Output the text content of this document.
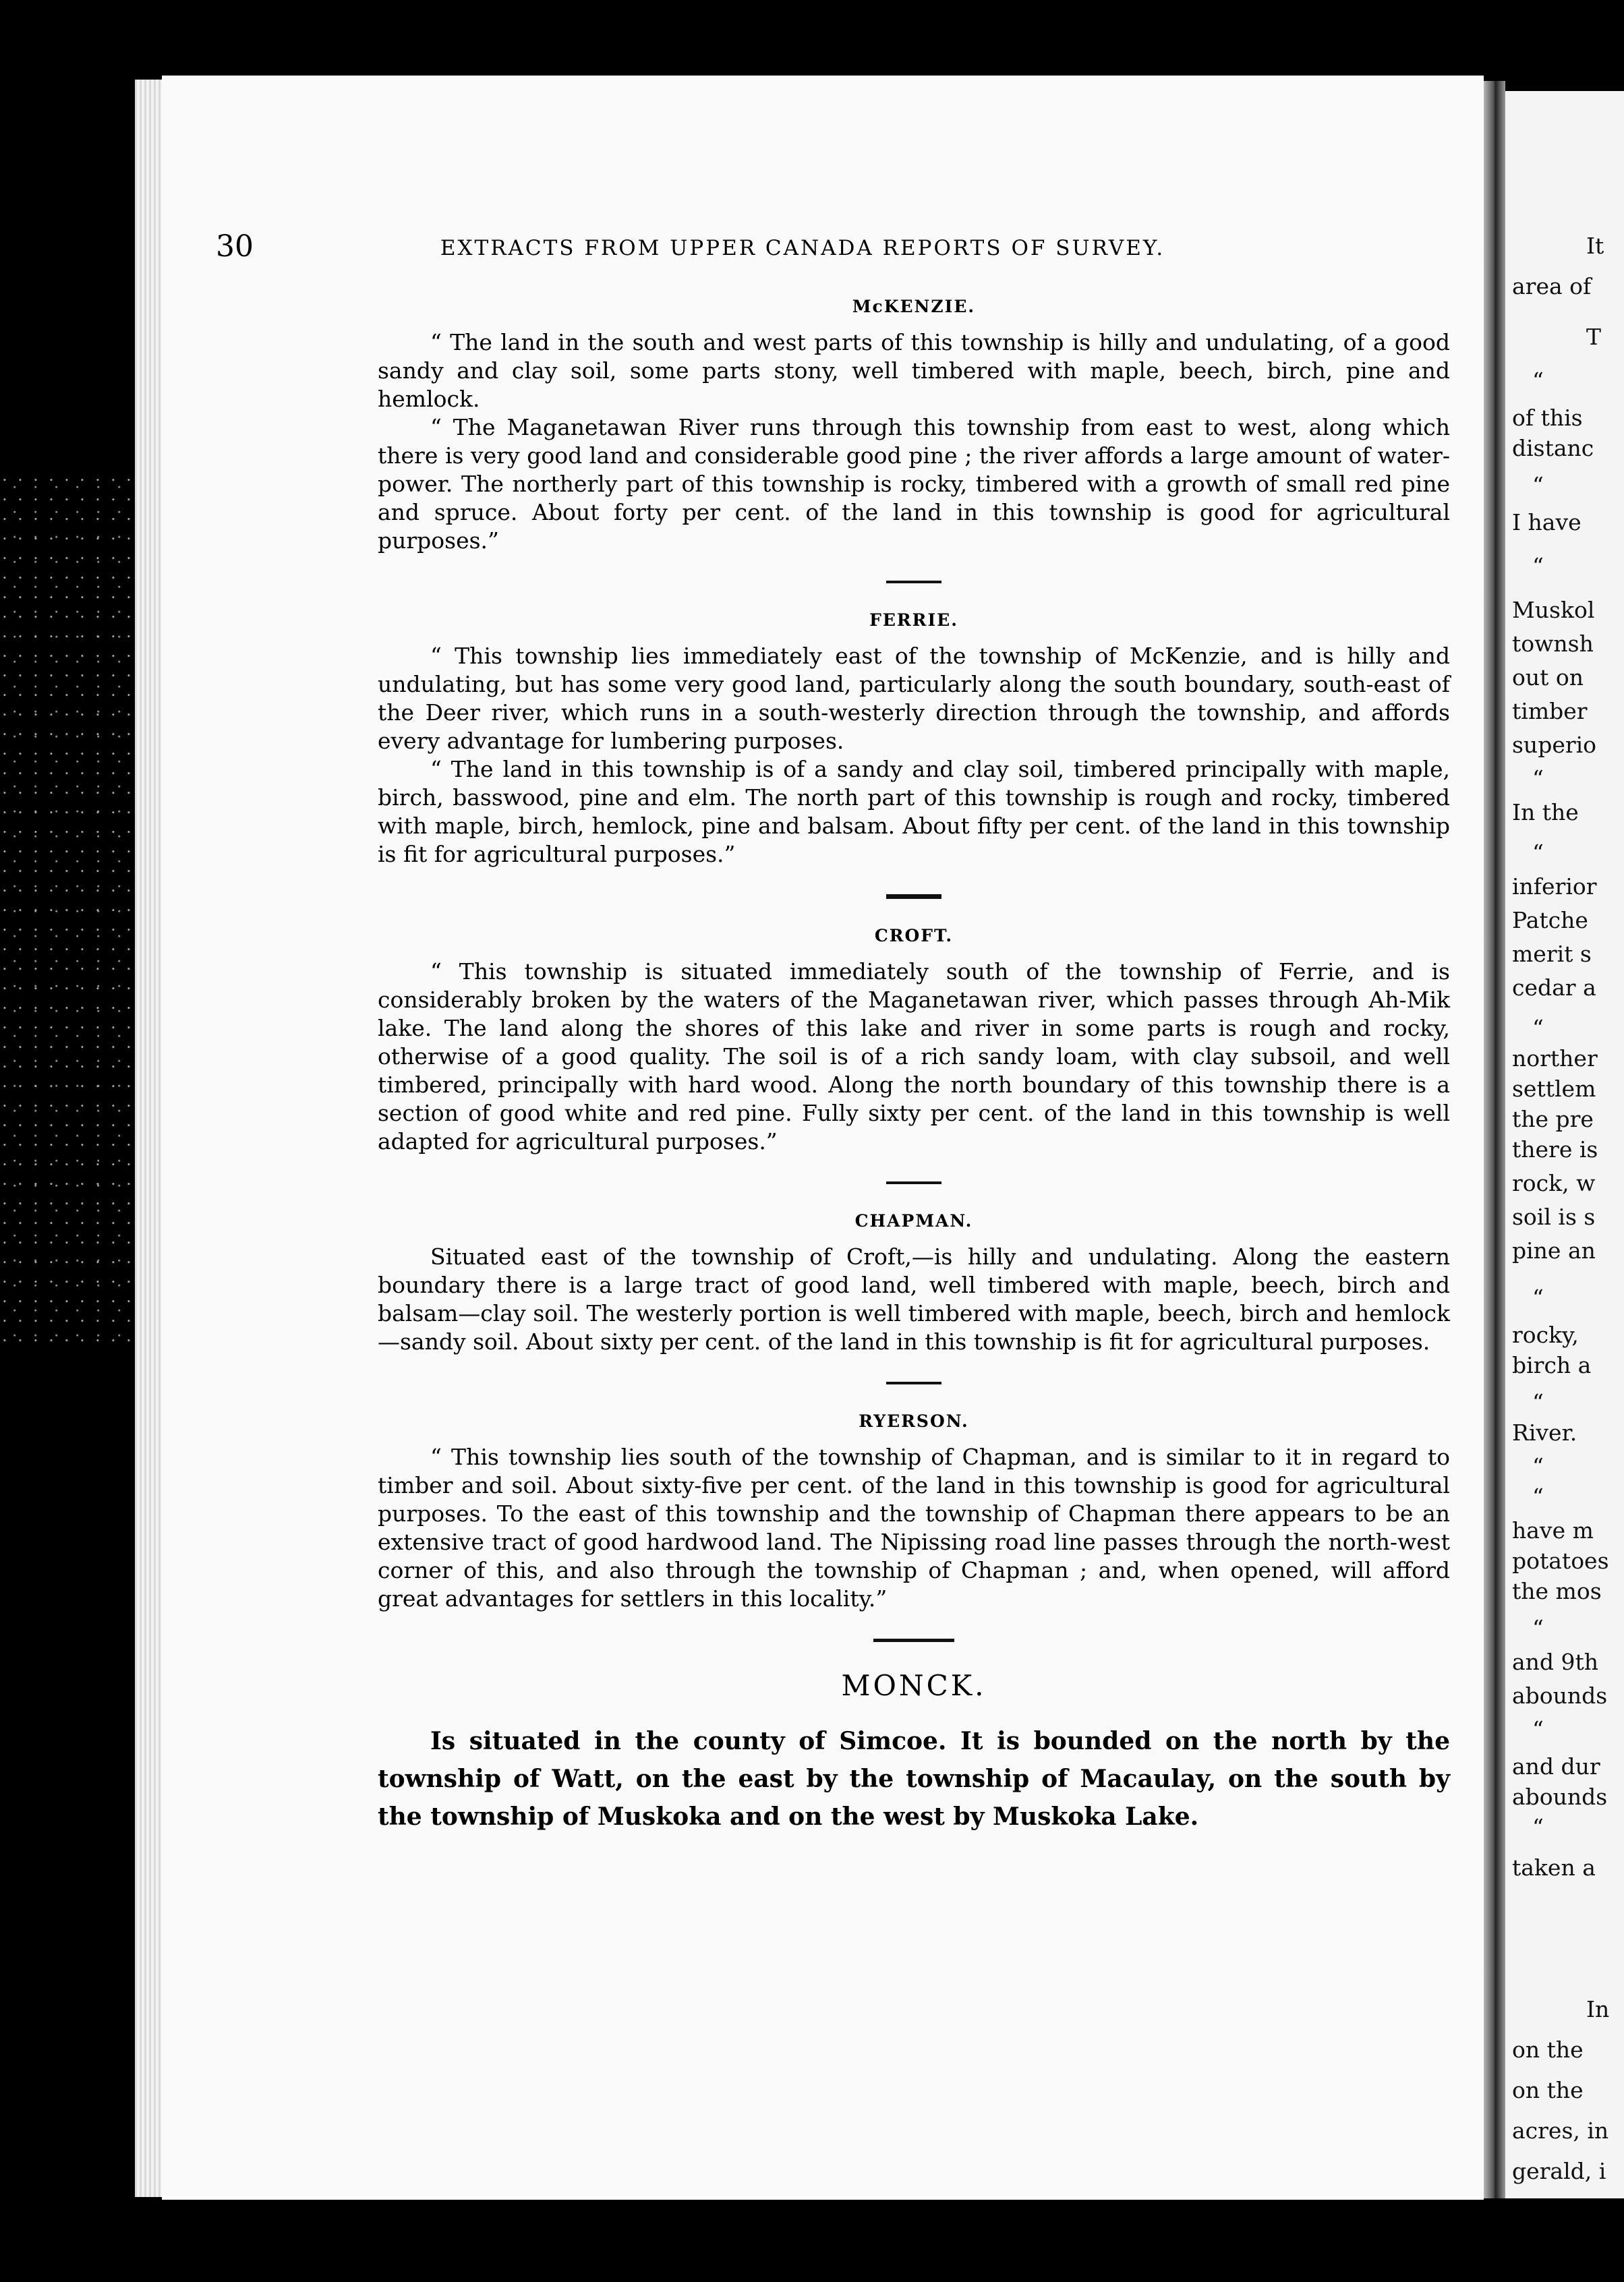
It
area of
T
“
of this
distanc
“
I have
“
Muskol
townsh
out on
timber
superio
“
In the
“
inferior
Patche
merit s
cedar a
“
norther
settlem
the pre
there is
rock, w
soil is s
pine an
“
rocky,
birch a
“
River.
“
“
have m
potatoes
the mos
“
and 9th
abounds
“
and dur
abounds
“
taken a
In
on the
on the
acres, in
gerald, i
30	EXTRACTS FROM UPPER CANADA REPORTS OF SURVEY.
McKENZIE.

“ The land in the south and west parts of this township is hilly and undulating, of a good sandy and clay soil, some parts stony, well timbered with maple, beech, birch, pine and hemlock.

“ The Maganetawan River runs through this township from east to west, along which there is very good land and considerable good pine ; the river affords a large amount of water-power. The northerly part of this township is rocky, timbered with a growth of small red pine and spruce. About forty per cent. of the land in this township is good for agricultural purposes.”

FERRIE.

“ This township lies immediately east of the township of McKenzie, and is hilly and undulating, but has some very good land, particularly along the south boundary, south-east of the Deer river, which runs in a south-westerly direction through the township, and affords every advantage for lumbering purposes.

“ The land in this township is of a sandy and clay soil, timbered principally with maple, birch, basswood, pine and elm. The north part of this township is rough and rocky, timbered with maple, birch, hemlock, pine and balsam. About fifty per cent. of the land in this township is fit for agricultural purposes.”

CROFT.

“ This township is situated immediately south of the township of Ferrie, and is considerably broken by the waters of the Maganetawan river, which passes through Ah-Mik lake. The land along the shores of this lake and river in some parts is rough and rocky, otherwise of a good quality. The soil is of a rich sandy loam, with clay subsoil, and well timbered, principally with hard wood. Along the north boundary of this township there is a section of good white and red pine. Fully sixty per cent. of the land in this township is well adapted for agricultural purposes.”

CHAPMAN.

Situated east of the township of Croft,—is hilly and undulating. Along the eastern boundary there is a large tract of good land, well timbered with maple, beech, birch and balsam—clay soil. The westerly portion is well timbered with maple, beech, birch and hemlock—sandy soil. About sixty per cent. of the land in this township is fit for agricultural purposes.

RYERSON.

“ This township lies south of the township of Chapman, and is similar to it in regard to timber and soil. About sixty-five per cent. of the land in this township is good for agricultural purposes. To the east of this township and the township of Chapman there appears to be an extensive tract of good hardwood land. The Nipissing road line passes through the north-west corner of this, and also through the township of Chapman ; and, when opened, will afford great advantages for settlers in this locality.”

MONCK.

Is situated in the county of Simcoe. It is bounded on the north by the township of Watt, on the east by the township of Macaulay, on the south by the township of Muskoka and on the west by Muskoka Lake.
